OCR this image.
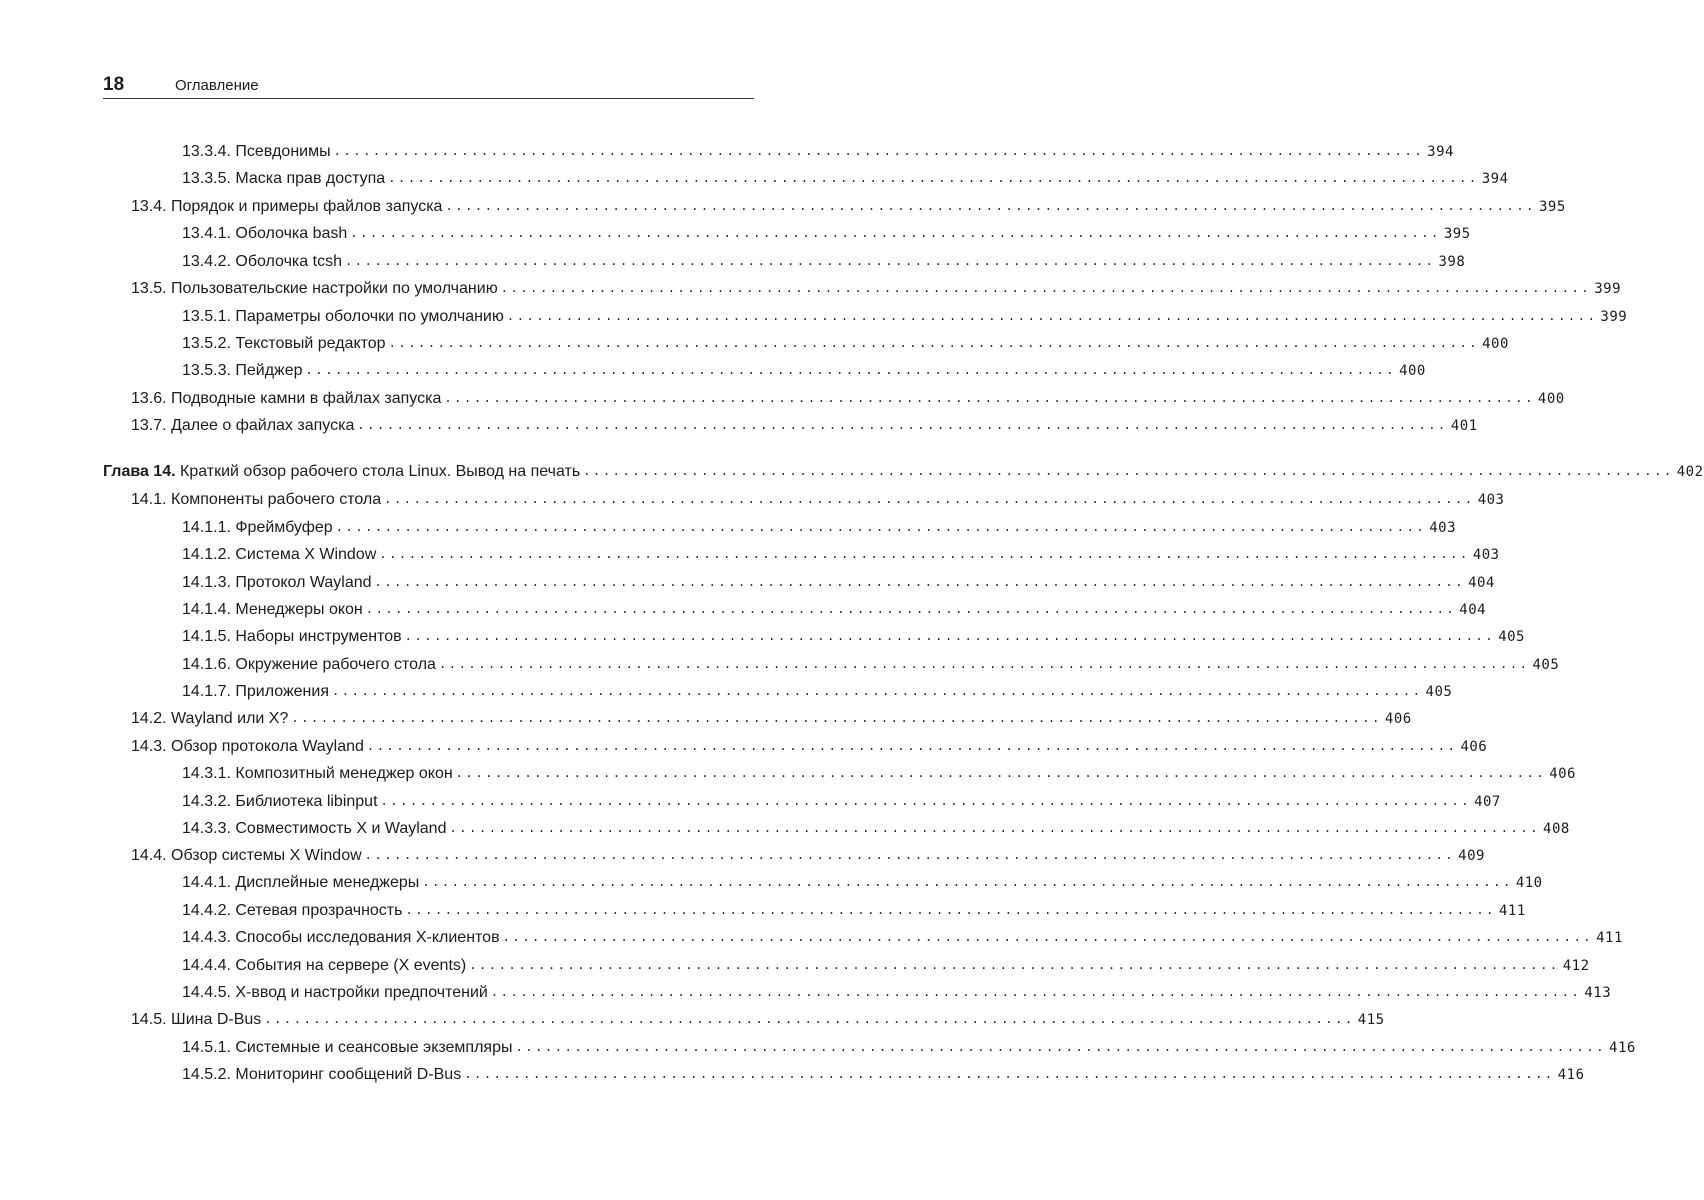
18	Оглавление
13.3.4. Псевдонимы ............................................................................................................... 394
13.3.5. Маска прав доступа ............................................................................................................... 394
13.4. Порядок и примеры файлов запуска ............................................................................................................... 395
13.4.1. Оболочка bash ............................................................................................................... 395
13.4.2. Оболочка tcsh ............................................................................................................... 398
13.5. Пользовательские настройки по умолчанию ............................................................................................................... 399
13.5.1. Параметры оболочки по умолчанию ............................................................................................................... 399
13.5.2. Текстовый редактор ............................................................................................................... 400
13.5.3. Пейджер ............................................................................................................... 400
13.6. Подводные камни в файлах запуска ............................................................................................................... 400
13.7. Далее о файлах запуска ............................................................................................................... 401
Глава 14. Краткий обзор рабочего стола Linux. Вывод на печать ............................................................................................................... 402
14.1. Компоненты рабочего стола ............................................................................................................... 403
14.1.1. Фреймбуфер ............................................................................................................... 403
14.1.2. Система X Window ............................................................................................................... 403
14.1.3. Протокол Wayland ............................................................................................................... 404
14.1.4. Менеджеры окон ............................................................................................................... 404
14.1.5. Наборы инструментов ............................................................................................................... 405
14.1.6. Окружение рабочего стола ............................................................................................................... 405
14.1.7. Приложения ............................................................................................................... 405
14.2. Wayland или X? ............................................................................................................... 406
14.3. Обзор протокола Wayland ............................................................................................................... 406
14.3.1. Композитный менеджер окон ............................................................................................................... 406
14.3.2. Библиотека libinput ............................................................................................................... 407
14.3.3. Совместимость X и Wayland ............................................................................................................... 408
14.4. Обзор системы X Window ............................................................................................................... 409
14.4.1. Дисплейные менеджеры ............................................................................................................... 410
14.4.2. Сетевая прозрачность ............................................................................................................... 411
14.4.3. Способы исследования X-клиентов ............................................................................................................... 411
14.4.4. События на сервере (X events) ............................................................................................................... 412
14.4.5. X-ввод и настройки предпочтений ............................................................................................................... 413
14.5. Шина D-Bus ............................................................................................................... 415
14.5.1. Системные и сеансовые экземпляры ............................................................................................................... 416
14.5.2. Мониторинг сообщений D-Bus ............................................................................................................... 416
